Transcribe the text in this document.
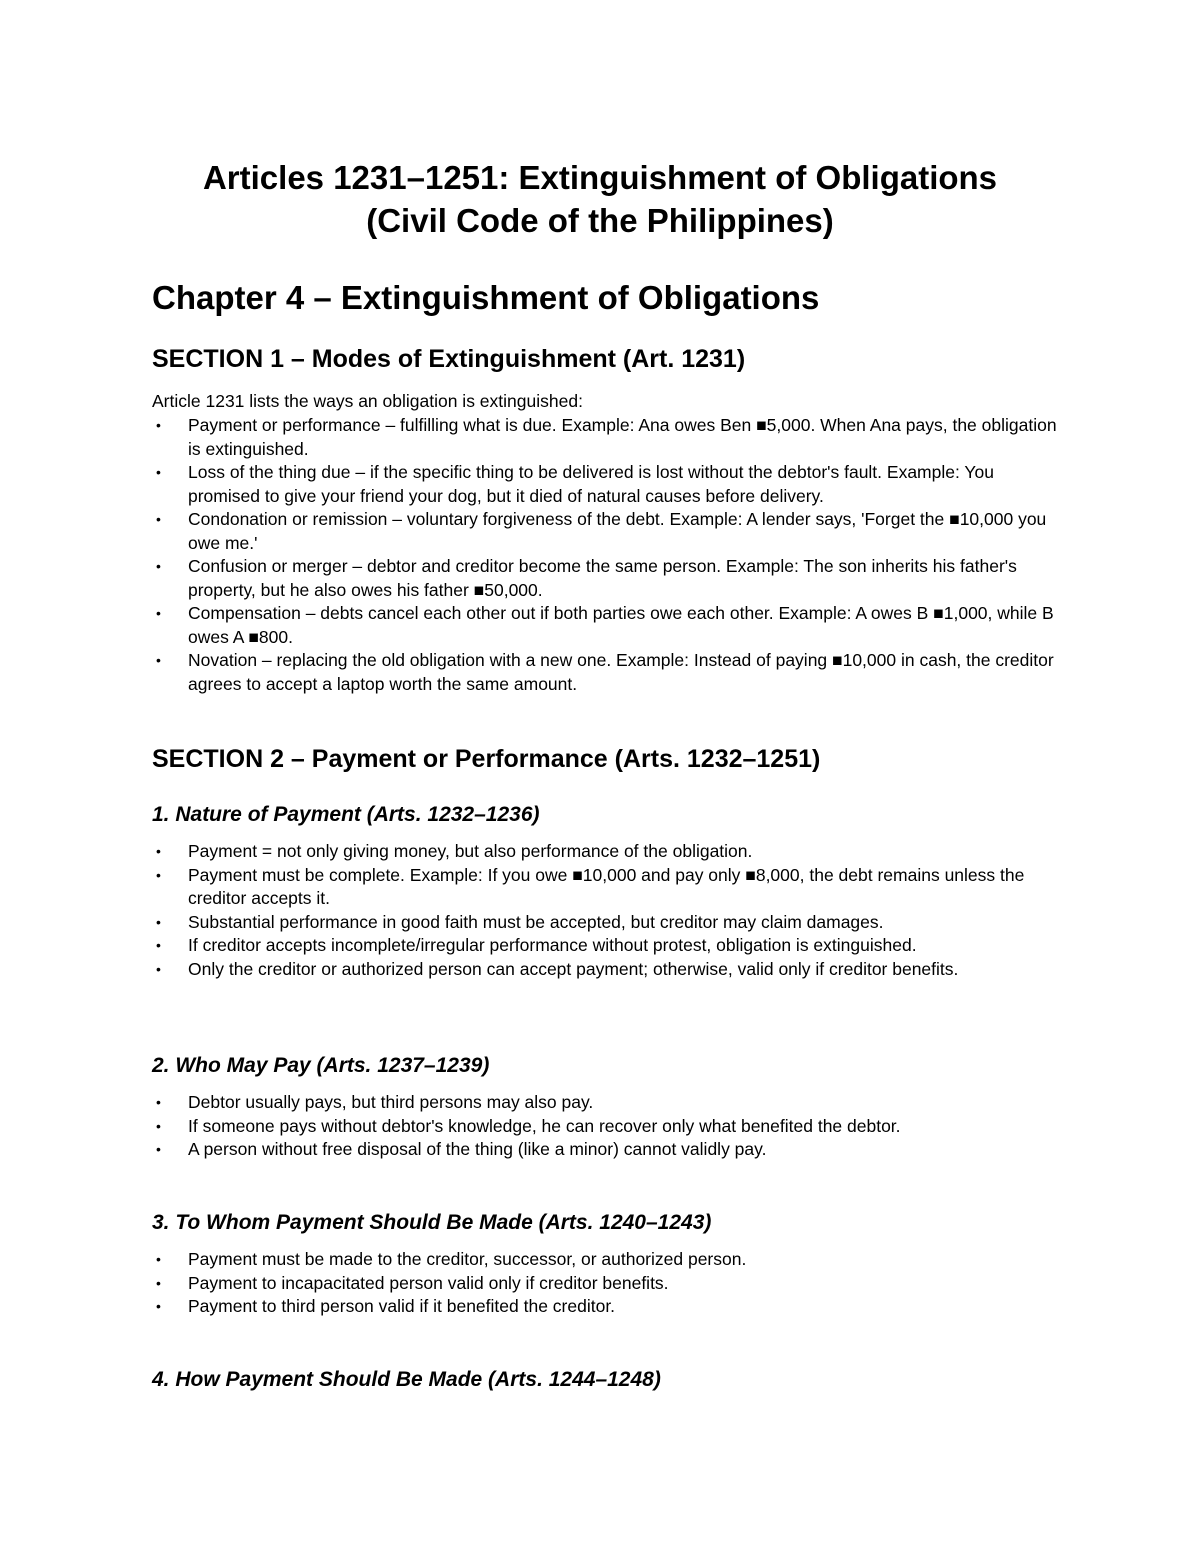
Articles 1231–1251: Extinguishment of Obligations
(Civil Code of the Philippines)
Chapter 4 – Extinguishment of Obligations
SECTION 1 – Modes of Extinguishment (Art. 1231)

Article 1231 lists the ways an obligation is extinguished:

• Payment or performance – fulfilling what is due. Example: Ana owes Ben ■5,000. When Ana pays, the obligation is extinguished.
• Loss of the thing due – if the specific thing to be delivered is lost without the debtor's fault. Example: You promised to give your friend your dog, but it died of natural causes before delivery.
• Condonation or remission – voluntary forgiveness of the debt. Example: A lender says, 'Forget the ■10,000 you owe me.'
• Confusion or merger – debtor and creditor become the same person. Example: The son inherits his father's property, but he also owes his father ■50,000.
• Compensation – debts cancel each other out if both parties owe each other. Example: A owes B ■1,000, while B owes A ■800.
• Novation – replacing the old obligation with a new one. Example: Instead of paying ■10,000 in cash, the creditor agrees to accept a laptop worth the same amount.
SECTION 2 – Payment or Performance (Arts. 1232–1251)
1. Nature of Payment (Arts. 1232–1236)
• Payment = not only giving money, but also performance of the obligation.
• Payment must be complete. Example: If you owe ■10,000 and pay only ■8,000, the debt remains unless the creditor accepts it.
• Substantial performance in good faith must be accepted, but creditor may claim damages.
• If creditor accepts incomplete/irregular performance without protest, obligation is extinguished.
• Only the creditor or authorized person can accept payment; otherwise, valid only if creditor benefits.
2. Who May Pay (Arts. 1237–1239)
• Debtor usually pays, but third persons may also pay.
• If someone pays without debtor's knowledge, he can recover only what benefited the debtor.
• A person without free disposal of the thing (like a minor) cannot validly pay.
3. To Whom Payment Should Be Made (Arts. 1240–1243)
• Payment must be made to the creditor, successor, or authorized person.
• Payment to incapacitated person valid only if creditor benefits.
• Payment to third person valid if it benefited the creditor.
4. How Payment Should Be Made (Arts. 1244–1248)
